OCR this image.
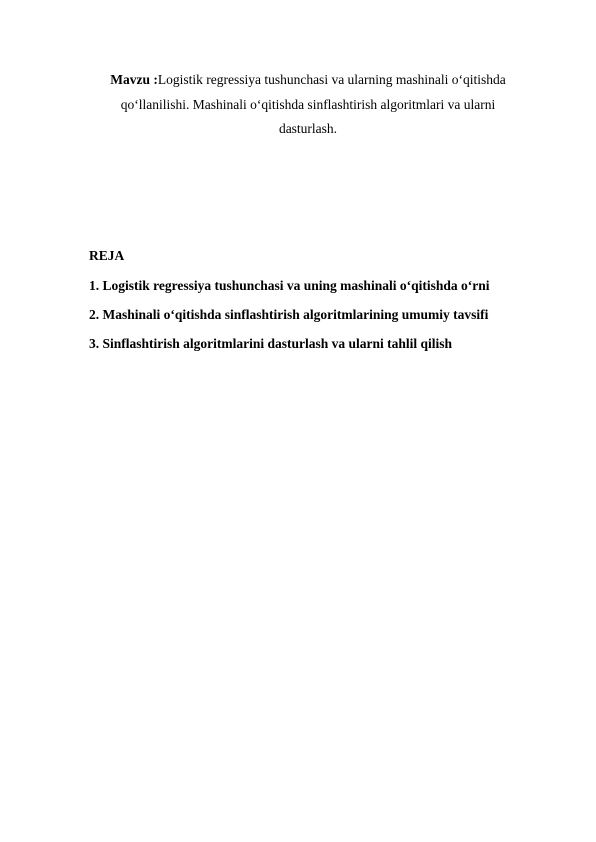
Mavzu :Logistik regressiya tushunchasi va ularning mashinali o‘qitishda qo‘llanilishi. Mashinali o‘qitishda sinflashtirish algoritmlari va ularni dasturlash.
REJA
1. Logistik regressiya tushunchasi va uning mashinali o‘qitishda o‘rni
2. Mashinali o‘qitishda sinflashtirish algoritmlarining umumiy tavsifi
3. Sinflashtirish algoritmlarini dasturlash va ularni tahlil qilish
